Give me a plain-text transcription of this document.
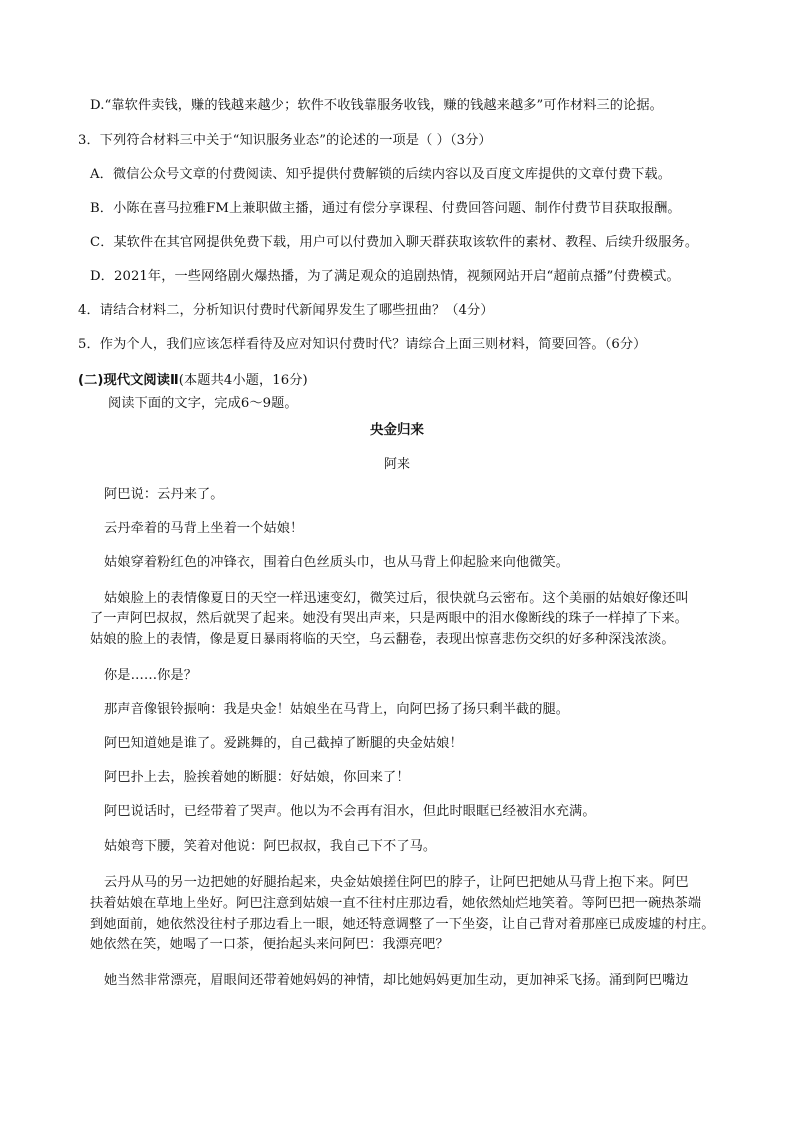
D.“靠软件卖钱，赚的钱越来越少；软件不收钱靠服务收钱，赚的钱越来越多”可作材料三的论据。
3．下列符合材料三中关于“知识服务业态”的论述的一项是（ ）（3分）
A．微信公众号文章的付费阅读、知乎提供付费解锁的后续内容以及百度文库提供的文章付费下载。
B．小陈在喜马拉雅FM上兼职做主播，通过有偿分享课程、付费回答问题、制作付费节目获取报酬。
C．某软件在其官网提供免费下载，用户可以付费加入聊天群获取该软件的素材、教程、后续升级服务。
D．2021年，一些网络剧火爆热播，为了满足观众的追剧热情，视频网站开启“超前点播”付费模式。
4．请结合材料二，分析知识付费时代新闻界发生了哪些扭曲？（4分）
5．作为个人，我们应该怎样看待及应对知识付费时代？请综合上面三则材料，简要回答。（6分）
(二)现代文阅读Ⅱ(本题共4小题，16分)
阅读下面的文字，完成6～9题。
央金归来
阿来
阿巴说：云丹来了。
云丹牵着的马背上坐着一个姑娘！
姑娘穿着粉红色的冲锋衣，围着白色丝质头巾，也从马背上仰起脸来向他微笑。
姑娘脸上的表情像夏日的天空一样迅速变幻，微笑过后，很快就乌云密布。这个美丽的姑娘好像还叫
了一声阿巴叔叔，然后就哭了起来。她没有哭出声来，只是两眼中的泪水像断线的珠子一样掉了下来。
姑娘的脸上的表情，像是夏日暴雨将临的天空，乌云翻卷，表现出惊喜悲伤交织的好多种深浅浓淡。
你是……你是？
那声音像银铃振响：我是央金！姑娘坐在马背上，向阿巴扬了扬只剩半截的腿。
阿巴知道她是谁了。爱跳舞的，自己截掉了断腿的央金姑娘！
阿巴扑上去，脸挨着她的断腿：好姑娘，你回来了！
阿巴说话时，已经带着了哭声。他以为不会再有泪水，但此时眼眶已经被泪水充满。
姑娘弯下腰，笑着对他说：阿巴叔叔，我自己下不了马。
云丹从马的另一边把她的好腿抬起来，央金姑娘搓住阿巴的脖子，让阿巴把她从马背上抱下来。阿巴
扶着姑娘在草地上坐好。阿巴注意到姑娘一直不往村庄那边看，她依然灿烂地笑着。等阿巴把一碗热茶端
到她面前，她依然没往村子那边看上一眼，她还特意调整了一下坐姿，让自己背对着那座已成废墟的村庄。
她依然在笑，她喝了一口茶，便抬起头来问阿巴：我漂亮吧？
她当然非常漂亮，眉眼间还带着她妈妈的神情，却比她妈妈更加生动，更加神采飞扬。涌到阿巴嘴边
